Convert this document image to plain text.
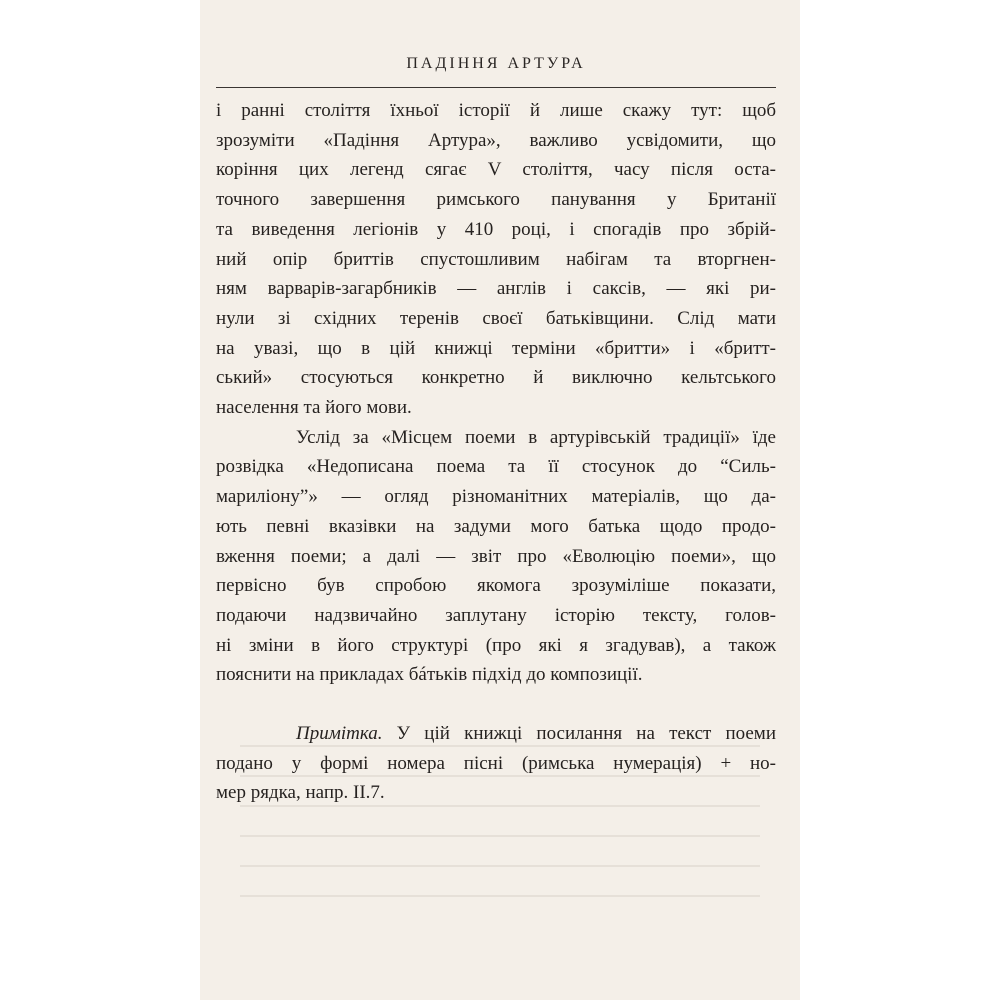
ПАДІННЯ АРТУРА
і ранні століття їхньої історії й лише скажу тут: щоб
зрозуміти «Падіння Артура», важливо усвідомити, що
коріння цих легенд сягає V століття, часу після оста-
точного завершення римського панування у Британії
та виведення легіонів у 410 році, і спогадів про збрій-
ний опір бриттів спустошливим набігам та вторгнен-
ням варварів-загарбників — англів і саксів, — які ри-
нули зі східних теренів своєї батьківщини. Слід мати
на увазі, що в цій книжці терміни «бритти» і «бритт-
ський» стосуються конкретно й виключно кельтського
населення та його мови.
Услід за «Місцем поеми в артурівській традиції» їде
розвідка «Недописана поема та її стосунок до “Силь-
мариліону”» — огляд різноманітних матеріалів, що да-
ють певні вказівки на задуми мого батька щодо продо-
вження поеми; а далі — звіт про «Еволюцію поеми», що
первісно був спробою якомога зрозуміліше показати,
подаючи надзвичайно заплутану історію тексту, голов-
ні зміни в його структурі (про які я згадував), а також
пояснити на прикладах бáтьків підхід до композиції.
Примітка. У цій книжці посилання на текст поеми
подано у формі номера пісні (римська нумерація) + но-
мер рядка, напр. II.7.
